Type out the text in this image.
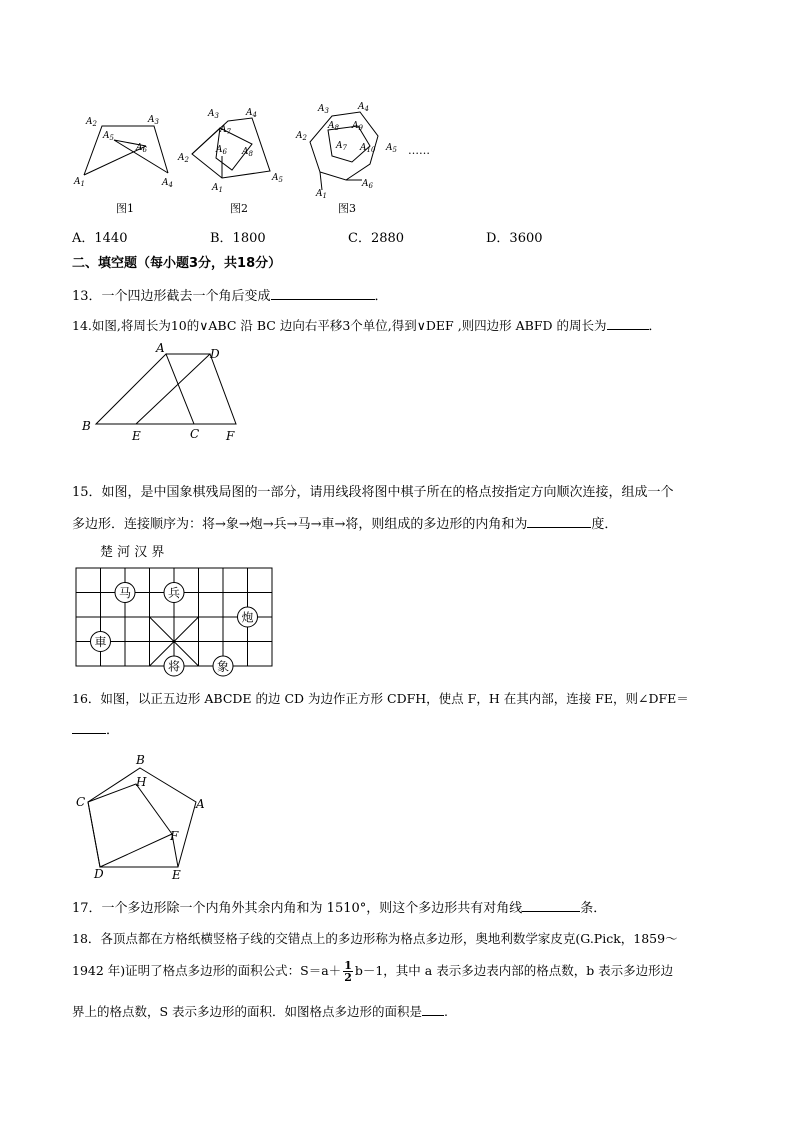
$A_2$	$A_3$
$A_5$
$A_6$
$A_1$	$A_4$
图1
$A_3$	$A_4$
$A_7$
$A_6$ $A_8$
$A_2$
$A_1$
$A_5$
图2
$A_3$	$A_4$
$A_8$ $A_9$
$A_2$
$A_7$ $A_{10}$ $A_5$
$A_1$
$A_6$
图3
……
A．1440	B．1800	C．2880	D．3600
二、填空题（每小题3分，共18分）
13．一个四边形截去一个角后变成	．
14.如图,将周长为10的∨ABC 沿 BC 边向右平移3个单位,得到∨DEF ,则四边形 ABFD 的周长为	．
A	D
B
E	C F
15．如图，是中国象棋残局图的一部分，请用线段将图中棋子所在的格点按指定方向顺次连接，组成一个
多边形．连接顺序为：将→象→炮→兵→马→車→将，则组成的多边形的内角和为	度．
楚 河 汉 界
马	兵
炮
車
将	象
16．如图，以正五边形 ABCDE 的边 CD 为边作正方形 CDFH，使点 F，H 在其内部，连接 FE，则∠DFE＝
．
B
H
C	A
F
D	E
17．一个多边形除一个内角外其余内角和为 1510°，则这个多边形共有对角线	条．
18．各顶点都在方格纸横竖格子线的交错点上的多边形称为格点多边形，奥地利数学家皮克(G.Pick，1859～
1942 年)证明了格点多边形的面积公式：$S=a+ \frac{1}{2} b-1$，其中 a 表示多边表内部的格点数，b 表示多边形边
界上的格点数，S 表示多边形的面积．如图格点多边形的面积是 .
